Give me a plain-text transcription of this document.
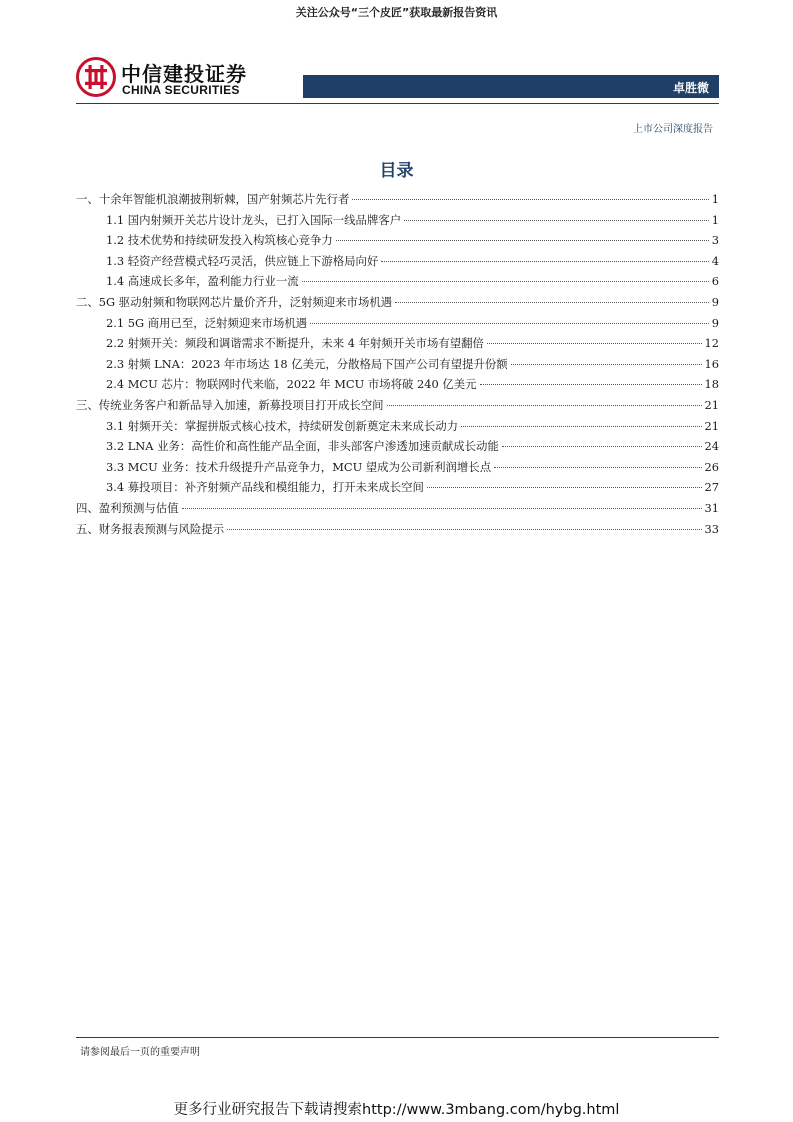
关注公众号“三个皮匠”获取最新报告资讯
中信建投证券
CHINA SECURITIES	卓胜微
上市公司深度报告
目录
一、十余年智能机浪潮披荆斩棘，国产射频芯片先行者	1
1.1 国内射频开关芯片设计龙头，已打入国际一线品牌客户	1
1.2 技术优势和持续研发投入构筑核心竞争力	3
1.3 轻资产经营模式轻巧灵活，供应链上下游格局向好	4
1.4 高速成长多年，盈利能力行业一流	6
二、5G 驱动射频和物联网芯片量价齐升，泛射频迎来市场机遇	9
2.1 5G 商用已至，泛射频迎来市场机遇	9
2.2 射频开关：频段和调谐需求不断提升，未来 4 年射频开关市场有望翻倍	12
2.3 射频 LNA：2023 年市场达 18 亿美元，分散格局下国产公司有望提升份额	16
2.4 MCU 芯片：物联网时代来临，2022 年 MCU 市场将破 240 亿美元	18
三、传统业务客户和新品导入加速，新募投项目打开成长空间	21
3.1 射频开关：掌握拼版式核心技术，持续研发创新奠定未来成长动力	21
3.2 LNA 业务：高性价和高性能产品全面，非头部客户渗透加速贡献成长动能	24
3.3 MCU 业务：技术升级提升产品竞争力，MCU 望成为公司新利润增长点	26
3.4 募投项目：补齐射频产品线和模组能力，打开未来成长空间	27
四、盈利预测与估值	31
五、财务报表预测与风险提示	33
请参阅最后一页的重要声明
更多行业研究报告下载请搜索http://www.3mbang.com/hybg.html
